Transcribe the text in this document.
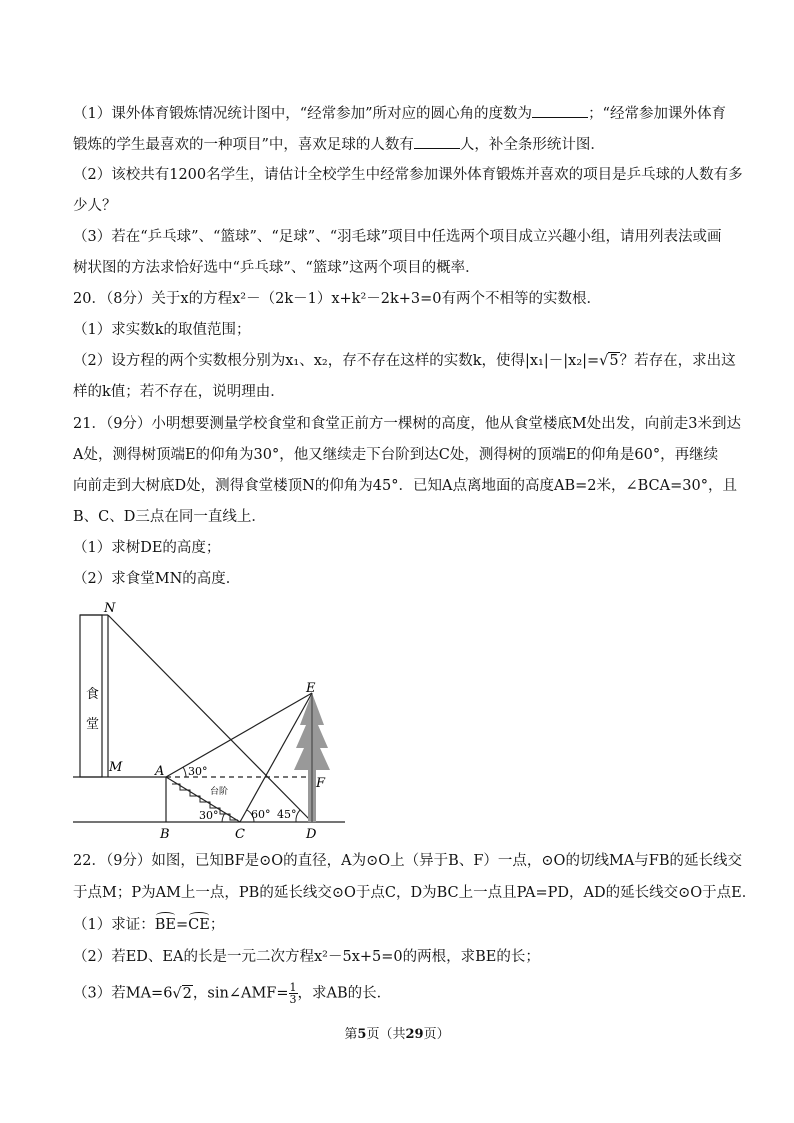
（1）课外体育锻炼情况统计图中，“经常参加”所对应的圆心角的度数为	；“经常参加课外体育

锻炼的学生最喜欢的一种项目”中，喜欢足球的人数有	人，补全条形统计图．

（2）该校共有1200名学生，请估计全校学生中经常参加课外体育锻炼并喜欢的项目是乒乓球的人数有多

少人？

（3）若在“乒乓球”、“篮球”、“足球”、“羽毛球”项目中任选两个项目成立兴趣小组，请用列表法或画

树状图的方法求恰好选中“乒乓球”、“篮球”这两个项目的概率．

20．（8分）关于x的方程x²－（2k－1）x+k²－2k+3=0有两个不相等的实数根．

（1）求实数k的取值范围；

（2）设方程的两个实数根分别为x₁、x₂，存不存在这样的实数k，使得|x₁|－|x₂|=√5？若存在，求出这

样的k值；若不存在，说明理由．

21．（9分）小明想要测量学校食堂和食堂正前方一棵树的高度，他从食堂楼底M处出发，向前走3米到达

A处，测得树顶端E的仰角为30°，他又继续走下台阶到达C处，测得树的顶端E的仰角是60°，再继续

向前走到大树底D处，测得食堂楼顶N的仰角为45°．已知A点离地面的高度AB=2米，∠BCA=30°，且

B、C、D三点在同一直线上．

（1）求树DE的高度；

（2）求食堂MN的高度．

食
堂
台阶
30°
30°	60° 45°
N
M	A
B	C	D
E
F

22．（9分）如图，已知BF是⊙O的直径，A为⊙O上（异于B、F）一点，⊙O的切线MA与FB的延长线交

于点M；P为AM上一点，PB的延长线交⊙O于点C，D为BC上一点且PA=PD，AD的延长线交⊙O于点E．

（1）求证：BE=CE；

（2）若ED、EA的长是一元二次方程x²－5x+5=0的两根，求BE的长；

（3）若MA=6√2，sin∠AMF= $\frac{1}{3}$ ，求AB的长．

第5页（共29页）
